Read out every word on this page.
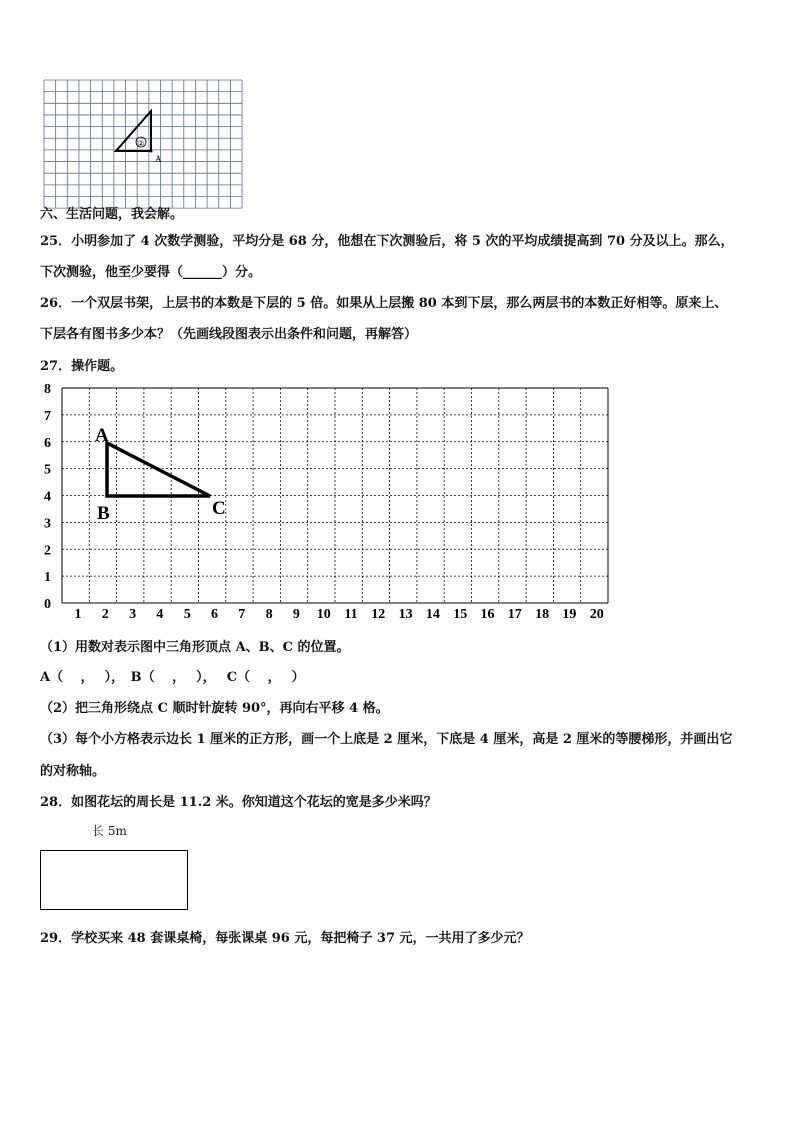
②
A
六、生活问题，我会解。
25．小明参加了 4 次数学测验，平均分是 68 分，他想在下次测验后，将 5 次的平均成绩提高到 70 分及以上。那么，
下次测验，他至少要得（______）分。
26．一个双层书架，上层书的本数是下层的 5 倍。如果从上层搬 80 本到下层，那么两层书的本数正好相等。原来上、
下层各有图书多少本？（先画线段图表示出条件和问题，再解答）
27．操作题。
0
1
2
3
4
5
6
7
8
1 2 3 4 5 6 7 8 9 10 11 12 13 14 15 16 17 18 19 20
A
B	C
（1）用数对表示图中三角形顶点 A、B、C 的位置。
A（　 ，　 ），　B（　 ，　 ），　 C（　 ，　 ）
（2）把三角形绕点 C 顺时针旋转 90°，再向右平移 4 格。
（3）每个小方格表示边长 1 厘米的正方形，画一个上底是 2 厘米，下底是 4 厘米，高是 2 厘米的等腰梯形，并画出它
的对称轴。
28．如图花坛的周长是 11.2 米。你知道这个花坛的宽是多少米吗？
长 5m
29．学校买来 48 套课桌椅，每张课桌 96 元，每把椅子 37 元，一共用了多少元？
